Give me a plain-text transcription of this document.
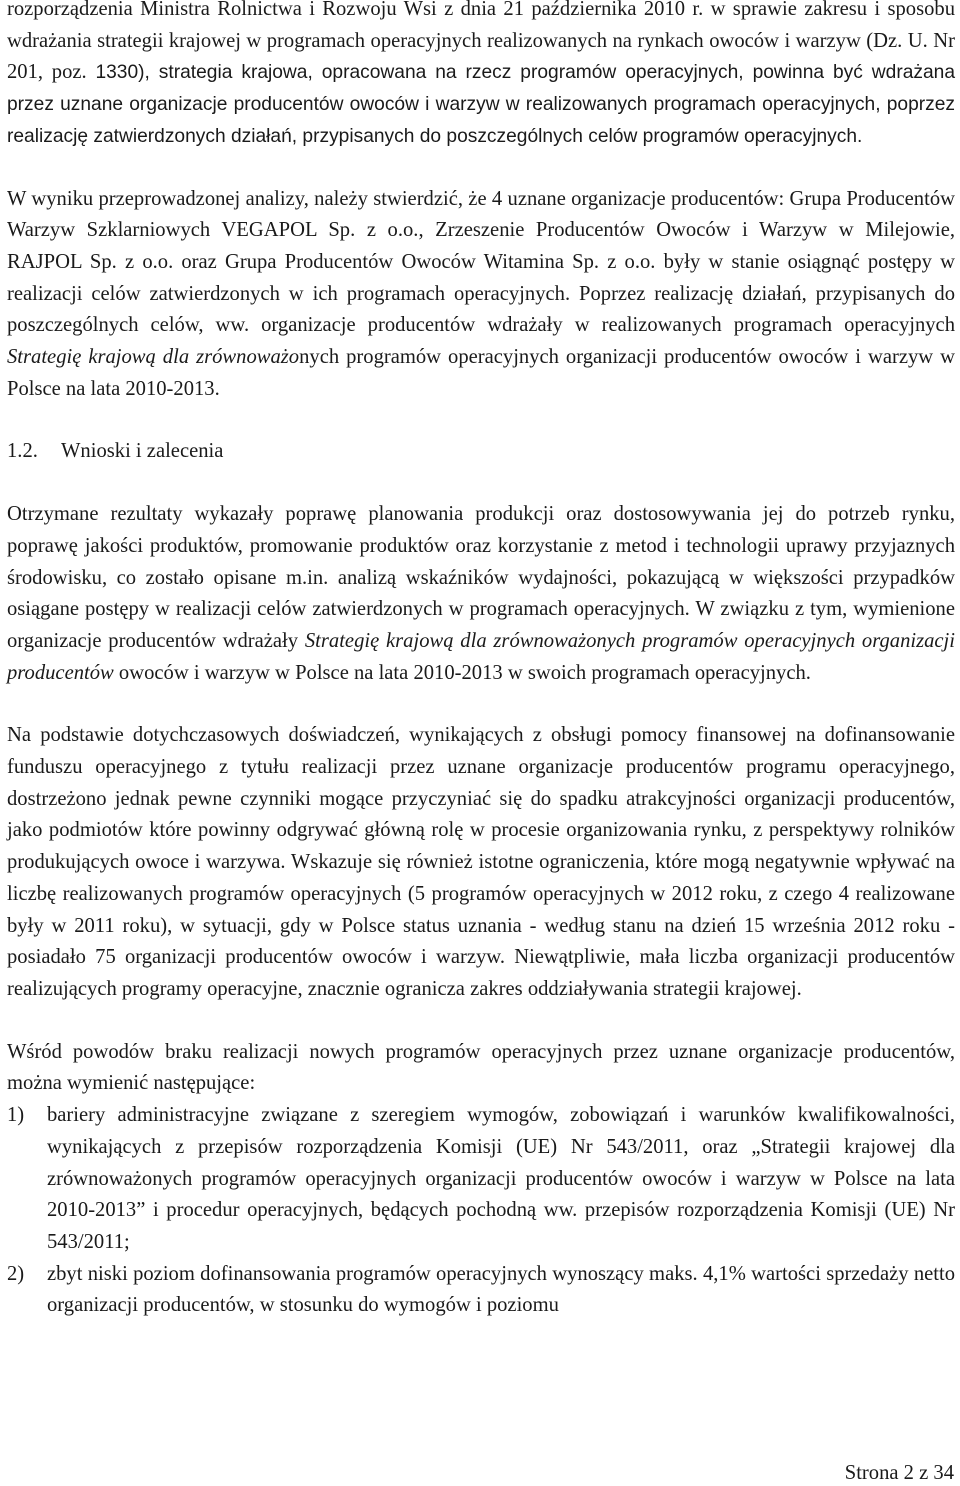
rozporządzenia Ministra Rolnictwa i Rozwoju Wsi z dnia 21 października 2010 r. w sprawie zakresu i sposobu wdrażania strategii krajowej w programach operacyjnych realizowanych na rynkach owoców i warzyw (Dz. U. Nr 201, poz. 1330), strategia krajowa, opracowana na rzecz programów operacyjnych, powinna być wdrażana przez uznane organizacje producentów owoców i warzyw w realizowanych programach operacyjnych, poprzez realizację zatwierdzonych działań, przypisanych do poszczególnych celów programów operacyjnych.

W wyniku przeprowadzonej analizy, należy stwierdzić, że 4 uznane organizacje producentów: Grupa Producentów Warzyw Szklarniowych VEGAPOL Sp. z o.o., Zrzeszenie Producentów Owoców i Warzyw w Milejowie, RAJPOL Sp. z o.o. oraz Grupa Producentów Owoców Witamina Sp. z o.o. były w stanie osiągnąć postępy w realizacji celów zatwierdzonych w ich programach operacyjnych. Poprzez realizację działań, przypisanych do poszczególnych celów, ww. organizacje producentów wdrażały w realizowanych programach operacyjnych Strategię krajową dla zrównoważonych programów operacyjnych organizacji producentów owoców i warzyw w Polsce na lata 2010-2013.

1.2. Wnioski i zalecenia

Otrzymane rezultaty wykazały poprawę planowania produkcji oraz dostosowywania jej do potrzeb rynku, poprawę jakości produktów, promowanie produktów oraz korzystanie z metod i technologii uprawy przyjaznych środowisku, co zostało opisane m.in. analizą wskaźników wydajności, pokazującą w większości przypadków osiągane postępy w realizacji celów zatwierdzonych w programach operacyjnych. W związku z tym, wymienione organizacje producentów wdrażały Strategię krajową dla zrównoważonych programów operacyjnych organizacji producentów owoców i warzyw w Polsce na lata 2010-2013 w swoich programach operacyjnych.

Na podstawie dotychczasowych doświadczeń, wynikających z obsługi pomocy finansowej na dofinansowanie funduszu operacyjnego z tytułu realizacji przez uznane organizacje producentów programu operacyjnego, dostrzeżono jednak pewne czynniki mogące przyczyniać się do spadku atrakcyjności organizacji producentów, jako podmiotów które powinny odgrywać główną rolę w procesie organizowania rynku, z perspektywy rolników produkujących owoce i warzywa. Wskazuje się również istotne ograniczenia, które mogą negatywnie wpływać na liczbę realizowanych programów operacyjnych (5 programów operacyjnych w 2012 roku, z czego 4 realizowane były w 2011 roku), w sytuacji, gdy w Polsce status uznania - według stanu na dzień 15 września 2012 roku - posiadało 75 organizacji producentów owoców i warzyw. Niewątpliwie, mała liczba organizacji producentów realizujących programy operacyjne, znacznie ogranicza zakres oddziaływania strategii krajowej.

Wśród powodów braku realizacji nowych programów operacyjnych przez uznane organizacje producentów, można wymienić następujące:

1)	bariery administracyjne związane z szeregiem wymogów, zobowiązań i warunków kwalifikowalności, wynikających z przepisów rozporządzenia Komisji (UE) Nr 543/2011, oraz „Strategii krajowej dla zrównoważonych programów operacyjnych organizacji producentów owoców i warzyw w Polsce na lata 2010-2013” i procedur operacyjnych, będących pochodną ww. przepisów rozporządzenia Komisji (UE) Nr 543/2011;
2)	zbyt niski poziom dofinansowania programów operacyjnych wynoszący maks. 4,1% wartości sprzedaży netto organizacji producentów, w stosunku do wymogów i poziomu
Strona 2 z 34
